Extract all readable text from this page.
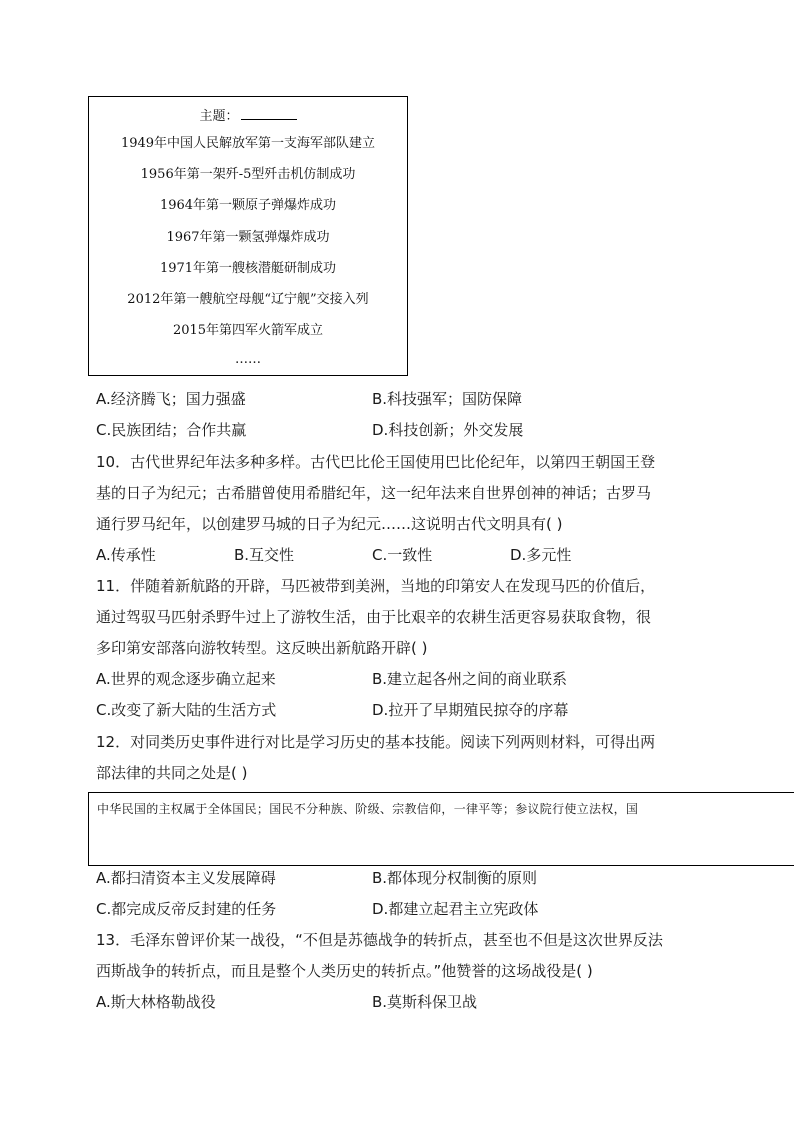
主题：
1949年中国人民解放军第一支海军部队建立
1956年第一架歼-5型歼击机仿制成功
1964年第一颗原子弹爆炸成功
1967年第一颗氢弹爆炸成功
1971年第一艘核潜艇研制成功
2012年第一艘航空母舰“辽宁舰”交接入列
2015年第四军火箭军成立
……
A.经济腾飞；国力强盛	B.科技强军；国防保障
C.民族团结；合作共赢	D.科技创新；外交发展
10．古代世界纪年法多种多样。古代巴比伦王国使用巴比伦纪年，以第四王朝国王登
基的日子为纪元；古希腊曾使用希腊纪年，这一纪年法来自世界创神的神话；古罗马
通行罗马纪年，以创建罗马城的日子为纪元……这说明古代文明具有( )
A.传承性	B.互交性	C.一致性	D.多元性
11．伴随着新航路的开辟，马匹被带到美洲，当地的印第安人在发现马匹的价值后，
通过驾驭马匹射杀野牛过上了游牧生活，由于比艰辛的农耕生活更容易获取食物，很
多印第安部落向游牧转型。这反映出新航路开辟( )
A.世界的观念逐步确立起来	B.建立起各州之间的商业联系
C.改变了新大陆的生活方式	D.拉开了早期殖民掠夺的序幕
12．对同类历史事件进行对比是学习历史的基本技能。阅读下列两则材料，可得出两
部法律的共同之处是( )
中华民国的主权属于全体国民；国民不分种族、阶级、宗教信仰，一律平等；参议院行使立法权，国
A.都扫清资本主义发展障碍	B.都体现分权制衡的原则
C.都完成反帝反封建的任务	D.都建立起君主立宪政体
13．毛泽东曾评价某一战役，“不但是苏德战争的转折点，甚至也不但是这次世界反法
西斯战争的转折点，而且是整个人类历史的转折点。”他赞誉的这场战役是( )
A.斯大林格勒战役	B.莫斯科保卫战
